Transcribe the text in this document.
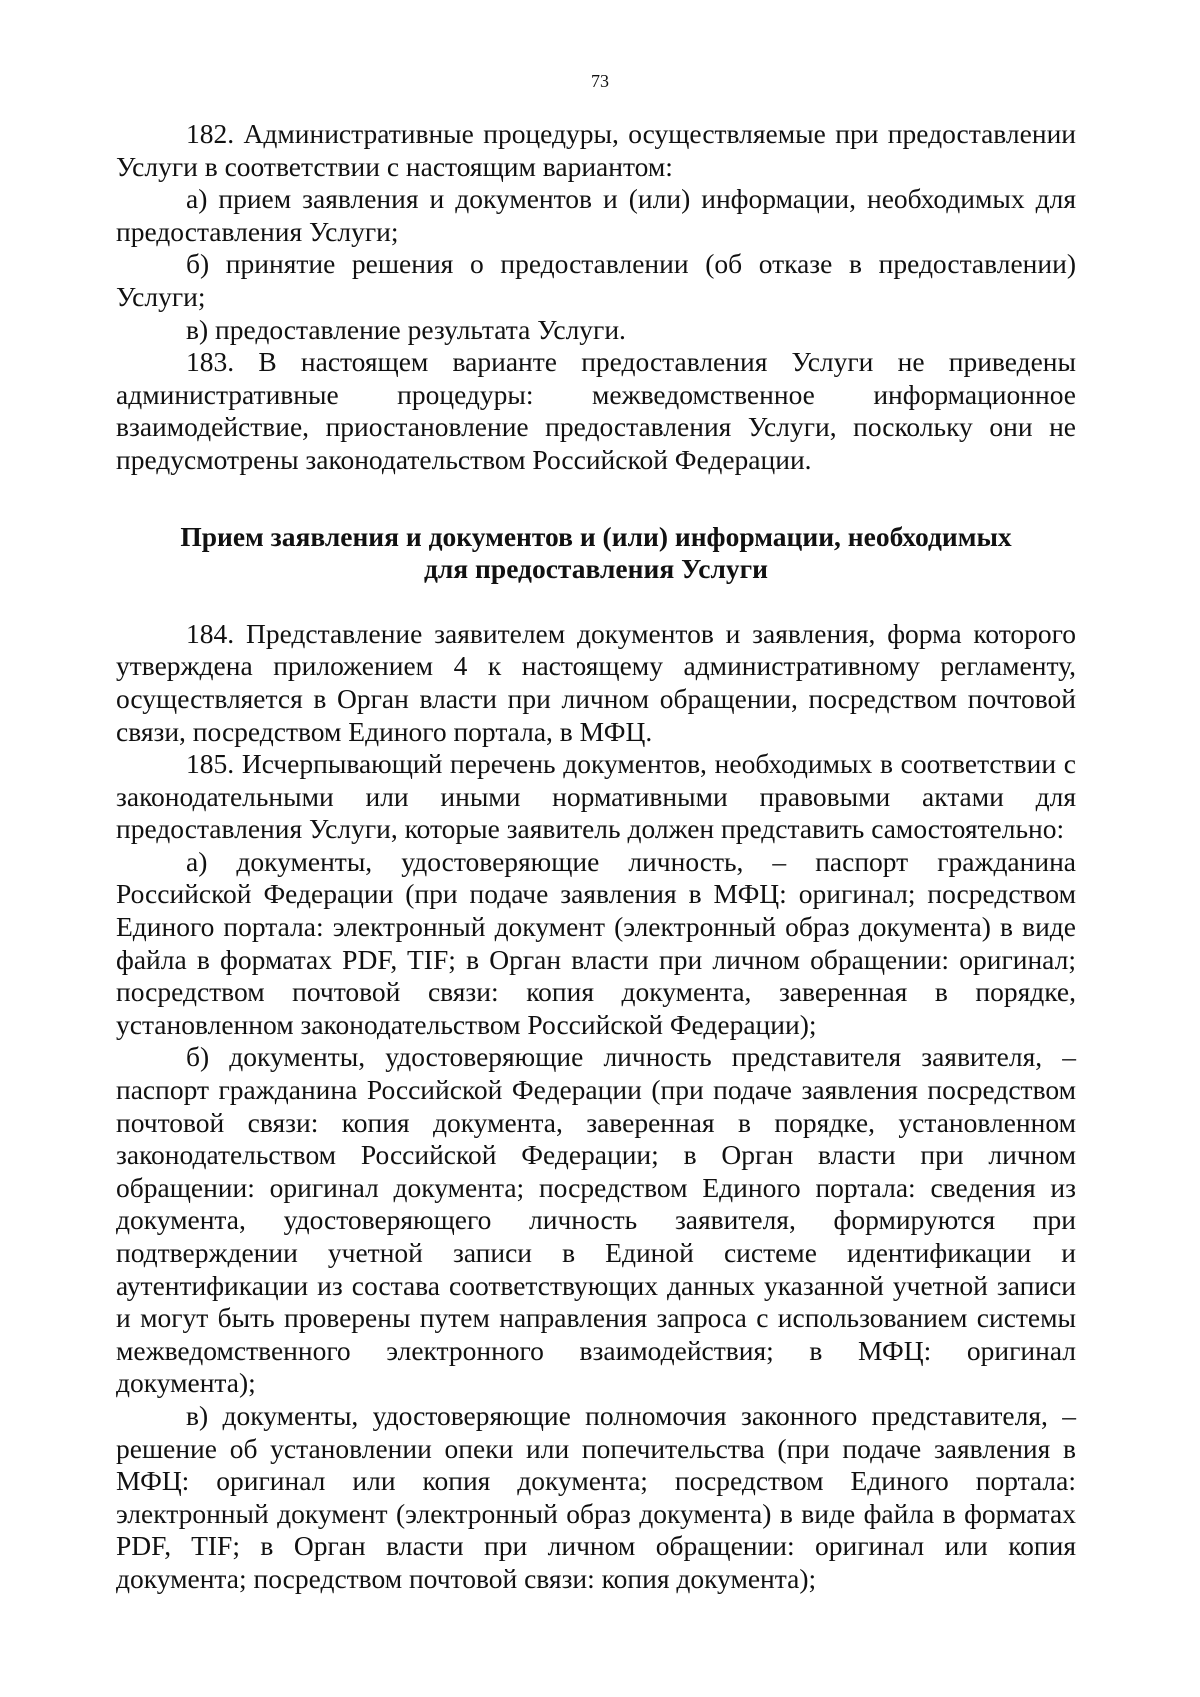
73

182. Административные процедуры, осуществляемые при предоставлении Услуги в соответствии с настоящим вариантом:

а) прием заявления и документов и (или) информации, необходимых для предоставления Услуги;

б) принятие решения о предоставлении (об отказе в предоставлении) Услуги;

в) предоставление результата Услуги.

183. В настоящем варианте предоставления Услуги не приведены административные процедуры: межведомственное информационное взаимодействие, приостановление предоставления Услуги, поскольку они не предусмотрены законодательством Российской Федерации.

Прием заявления и документов и (или) информации, необходимых для предоставления Услуги

184. Представление заявителем документов и заявления, форма которого утверждена приложением 4 к настоящему административному регламенту, осуществляется в Орган власти при личном обращении, посредством почтовой связи, посредством Единого портала, в МФЦ.

185. Исчерпывающий перечень документов, необходимых в соответствии с законодательными или иными нормативными правовыми актами для предоставления Услуги, которые заявитель должен представить самостоятельно:

а) документы, удостоверяющие личность, – паспорт гражданина Российской Федерации (при подаче заявления в МФЦ: оригинал; посредством Единого портала: электронный документ (электронный образ документа) в виде файла в форматах PDF, TIF; в Орган власти при личном обращении: оригинал; посредством почтовой связи: копия документа, заверенная в порядке, установленном законодательством Российской Федерации);

б) документы, удостоверяющие личность представителя заявителя, – паспорт гражданина Российской Федерации (при подаче заявления посредством почтовой связи: копия документа, заверенная в порядке, установленном законодательством Российской Федерации; в Орган власти при личном обращении: оригинал документа; посредством Единого портала: сведения из документа, удостоверяющего личность заявителя, формируются при подтверждении учетной записи в Единой системе идентификации и аутентификации из состава соответствующих данных указанной учетной записи и могут быть проверены путем направления запроса с использованием системы межведомственного электронного взаимодействия; в МФЦ: оригинал документа);

в) документы, удостоверяющие полномочия законного представителя, – решение об установлении опеки или попечительства (при подаче заявления в МФЦ: оригинал или копия документа; посредством Единого портала: электронный документ (электронный образ документа) в виде файла в форматах PDF, TIF; в Орган власти при личном обращении: оригинал или копия документа; посредством почтовой связи: копия документа);
